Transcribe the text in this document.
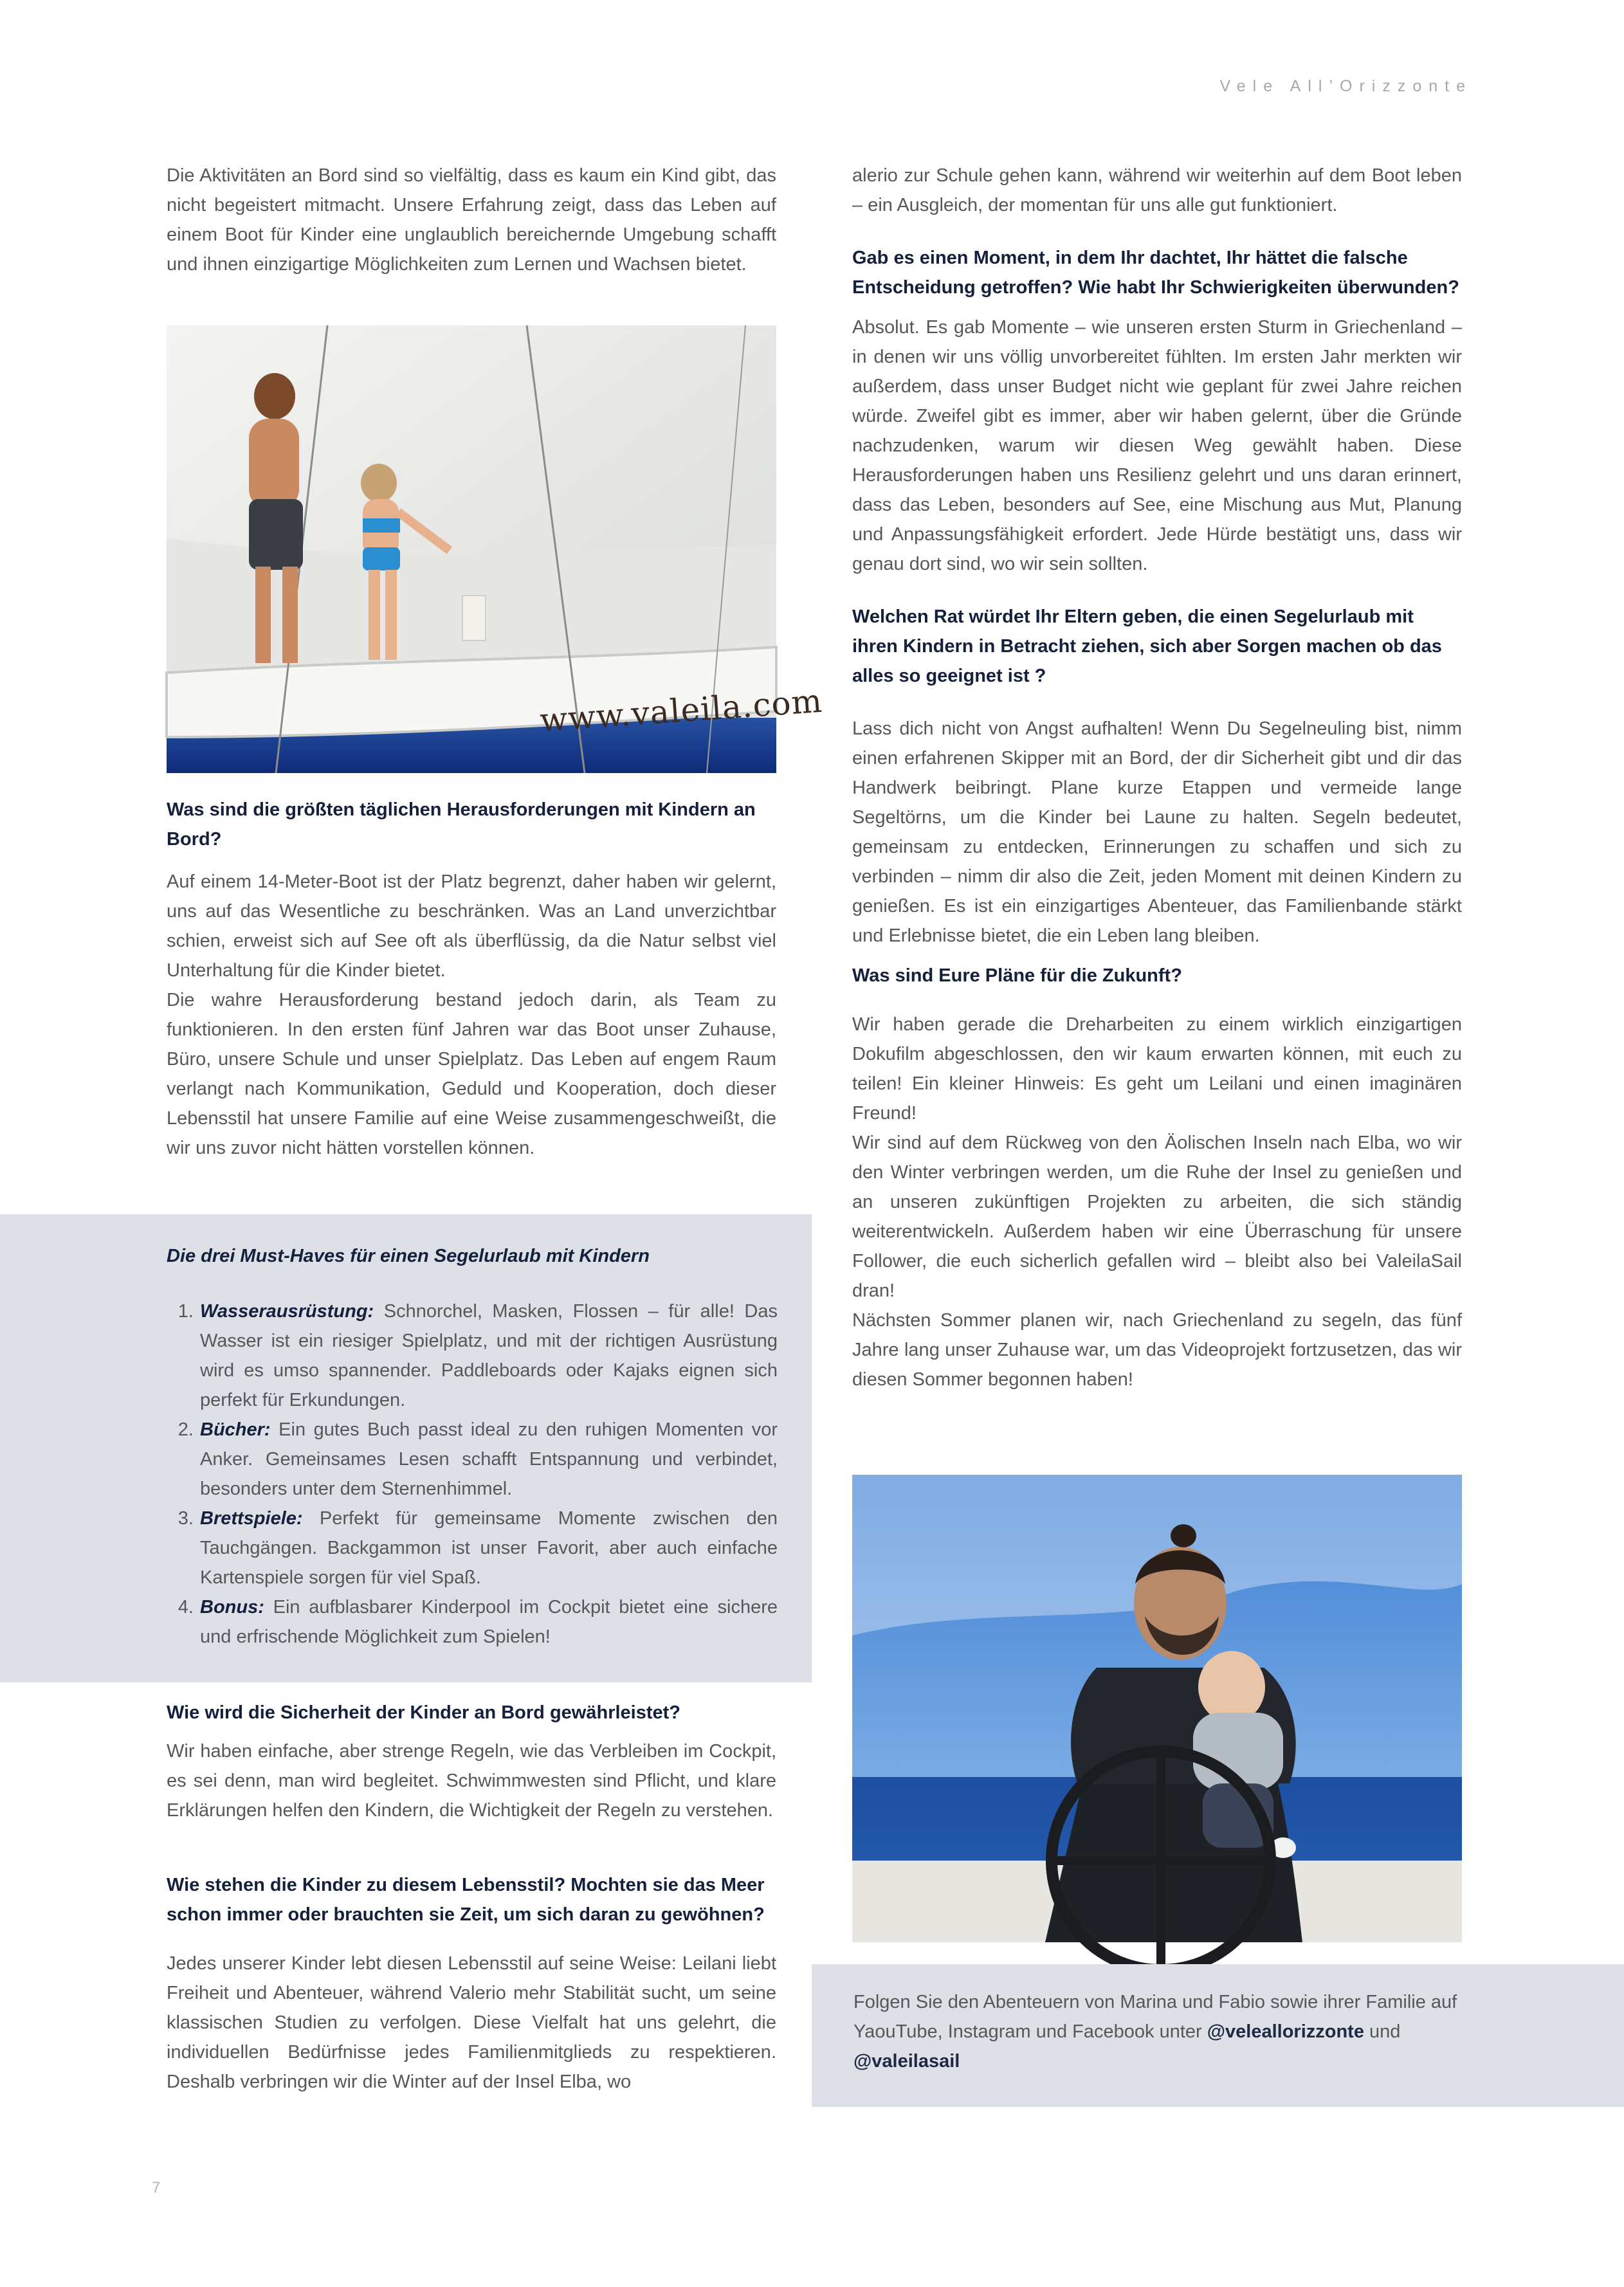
Vele All’Orizzonte

Die Aktivitäten an Bord sind so vielfältig, dass es kaum ein Kind gibt, das nicht begeistert mitmacht. Unsere Erfahrung zeigt, dass das Leben auf einem Boot für Kinder eine unglaublich bereichernde Umgebung schafft und ihnen einzigartige Möglichkeiten zum Lernen und Wachsen bietet.

www.valeila.com
Was sind die größten täglichen Herausforderungen mit Kindern an Bord?

Auf einem 14-Meter-Boot ist der Platz begrenzt, daher haben wir gelernt, uns auf das Wesentliche zu beschränken. Was an Land unverzichtbar schien, erweist sich auf See oft als überflüssig, da die Natur selbst viel Unterhaltung für die Kinder bietet.

Die wahre Herausforderung bestand jedoch darin, als Team zu funktionieren. In den ersten fünf Jahren war das Boot unser Zuhause, Büro, unsere Schule und unser Spielplatz. Das Leben auf engem Raum verlangt nach Kommunikation, Geduld und Kooperation, doch dieser Lebensstil hat unsere Familie auf eine Weise zusammengeschweißt, die wir uns zuvor nicht hätten vorstellen können.

Die drei Must-Haves für einen Segelurlaub mit Kindern

1. Wasserausrüstung: Schnorchel, Masken, Flossen – für alle! Das Wasser ist ein riesiger Spielplatz, und mit der richtigen Ausrüstung wird es umso spannender. Paddleboards oder Kajaks eignen sich perfekt für Erkundungen.
2. Bücher: Ein gutes Buch passt ideal zu den ruhigen Momenten vor Anker. Gemeinsames Lesen schafft Entspannung und verbindet, besonders unter dem Sternenhimmel.
3. Brettspiele: Perfekt für gemeinsame Momente zwischen den Tauchgängen. Backgammon ist unser Favorit, aber auch einfache Kartenspiele sorgen für viel Spaß.
4. Bonus: Ein aufblasbarer Kinderpool im Cockpit bietet eine sichere und erfrischende Möglichkeit zum Spielen!
Wie wird die Sicherheit der Kinder an Bord gewährleistet?

Wir haben einfache, aber strenge Regeln, wie das Verbleiben im Cockpit, es sei denn, man wird begleitet. Schwimmwesten sind Pflicht, und klare Erklärungen helfen den Kindern, die Wichtigkeit der Regeln zu verstehen.

Wie stehen die Kinder zu diesem Lebensstil? Mochten sie das Meer schon immer oder brauchten sie Zeit, um sich daran zu gewöhnen?

Jedes unserer Kinder lebt diesen Lebensstil auf seine Weise: Leilani liebt Freiheit und Abenteuer, während Valerio mehr Stabilität sucht, um seine klassischen Studien zu verfolgen. Diese Vielfalt hat uns gelehrt, die individuellen Bedürfnisse jedes Familienmitglieds zu respektieren. Deshalb verbringen wir die Winter auf der Insel Elba, wo

alerio zur Schule gehen kann, während wir weiterhin auf dem Boot leben – ein Ausgleich, der momentan für uns alle gut funktioniert.

Gab es einen Moment, in dem Ihr dachtet, Ihr hättet die falsche Entscheidung getroffen? Wie habt Ihr Schwierigkeiten überwunden?

Absolut. Es gab Momente – wie unseren ersten Sturm in Griechenland – in denen wir uns völlig unvorbereitet fühlten. Im ersten Jahr merkten wir außerdem, dass unser Budget nicht wie geplant für zwei Jahre reichen würde. Zweifel gibt es immer, aber wir haben gelernt, über die Gründe nachzudenken, warum wir diesen Weg gewählt haben. Diese Herausforderungen haben uns Resilienz gelehrt und uns daran erinnert, dass das Leben, besonders auf See, eine Mischung aus Mut, Planung und Anpassungsfähigkeit erfordert. Jede Hürde bestätigt uns, dass wir genau dort sind, wo wir sein sollten.

Welchen Rat würdet Ihr Eltern geben, die einen Segelurlaub mit ihren Kindern in Betracht ziehen, sich aber Sorgen machen ob das alles so geeignet ist ?

Lass dich nicht von Angst aufhalten! Wenn Du Segelneuling bist, nimm einen erfahrenen Skipper mit an Bord, der dir Sicherheit gibt und dir das Handwerk beibringt. Plane kurze Etappen und vermeide lange Segeltörns, um die Kinder bei Laune zu halten. Segeln bedeutet, gemeinsam zu entdecken, Erinnerungen zu schaffen und sich zu verbinden – nimm dir also die Zeit, jeden Moment mit deinen Kindern zu genießen. Es ist ein einzigartiges Abenteuer, das Familienbande stärkt und Erlebnisse bietet, die ein Leben lang bleiben.

Was sind Eure Pläne für die Zukunft?

Wir haben gerade die Dreharbeiten zu einem wirklich einzigartigen Dokufilm abgeschlossen, den wir kaum erwarten können, mit euch zu teilen! Ein kleiner Hinweis: Es geht um Leilani und einen imaginären Freund!

Wir sind auf dem Rückweg von den Äolischen Inseln nach Elba, wo wir den Winter verbringen werden, um die Ruhe der Insel zu genießen und an unseren zukünftigen Projekten zu arbeiten, die sich ständig weiterentwickeln. Außerdem haben wir eine Überraschung für unsere Follower, die euch sicherlich gefallen wird – bleibt also bei ValeilaSail dran!

Nächsten Sommer planen wir, nach Griechenland zu segeln, das fünf Jahre lang unser Zuhause war, um das Videoprojekt fortzusetzen, das wir diesen Sommer begonnen haben!

Folgen Sie den Abenteuern von Marina und Fabio sowie ihrer Familie auf YaouTube, Instagram und Facebook unter @veleallorizzonte und @valeilasail

7
